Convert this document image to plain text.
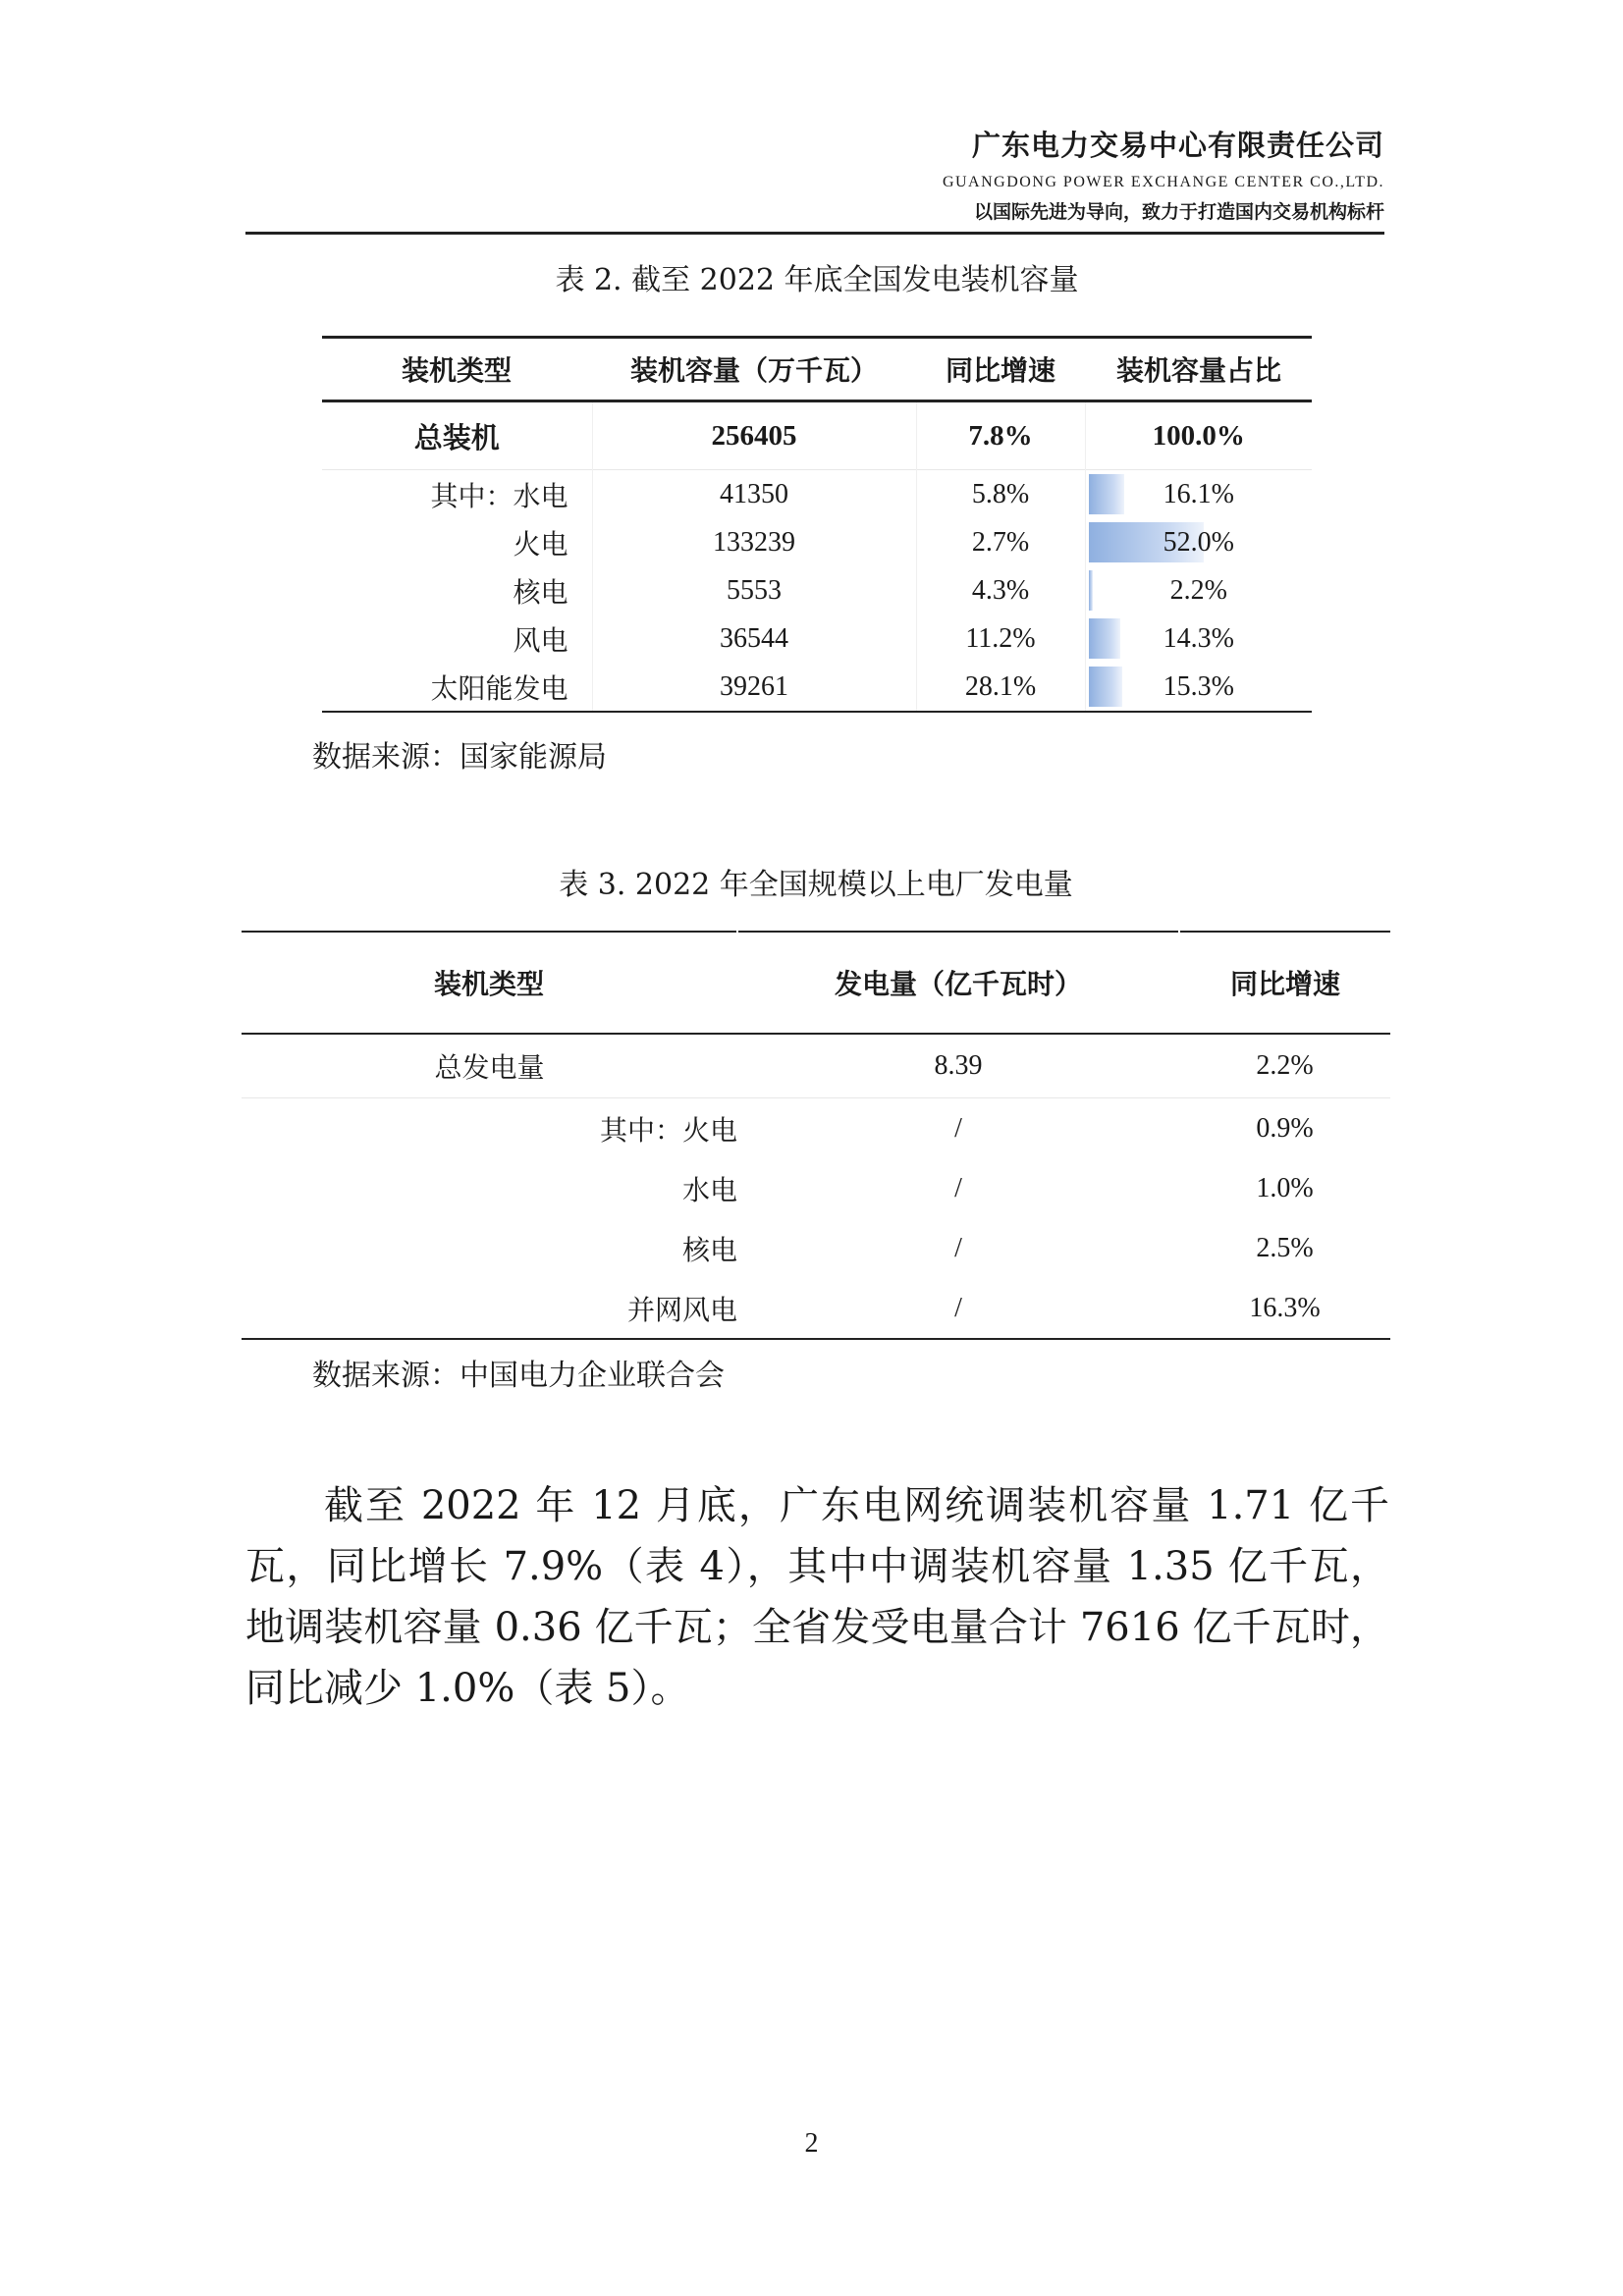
广东电力交易中心有限责任公司
GUANGDONG POWER EXCHANGE CENTER CO.,LTD.
以国际先进为导向，致力于打造国内交易机构标杆
表 2. 截至 2022 年底全国发电装机容量
装机类型	装机容量（万千瓦）	同比增速	装机容量占比
总装机	256405	7.8%	100.0%
其中：水电	41350	5.8%	16.1%
火电	133239	2.7%	52.0%
核电	5553	4.3%	2.2%
风电	36544	11.2%	14.3%
太阳能发电	39261	28.1%	15.3%
数据来源：国家能源局
表 3. 2022 年全国规模以上电厂发电量
装机类型	发电量（亿千瓦时）	同比增速
总发电量	8.39	2.2%
其中：火电	/	0.9%
水电	/	1.0%
核电	/	2.5%
并网风电	/	16.3%
数据来源：中国电力企业联合会
截至 2022 年 12 月底，广东电网统调装机容量 1.71 亿千瓦，同比增长 7.9%（表 4），其中中调装机容量 1.35 亿千瓦，地调装机容量 0.36 亿千瓦；全省发受电量合计 7616 亿千瓦时，同比减少 1.0%（表 5）。
2
